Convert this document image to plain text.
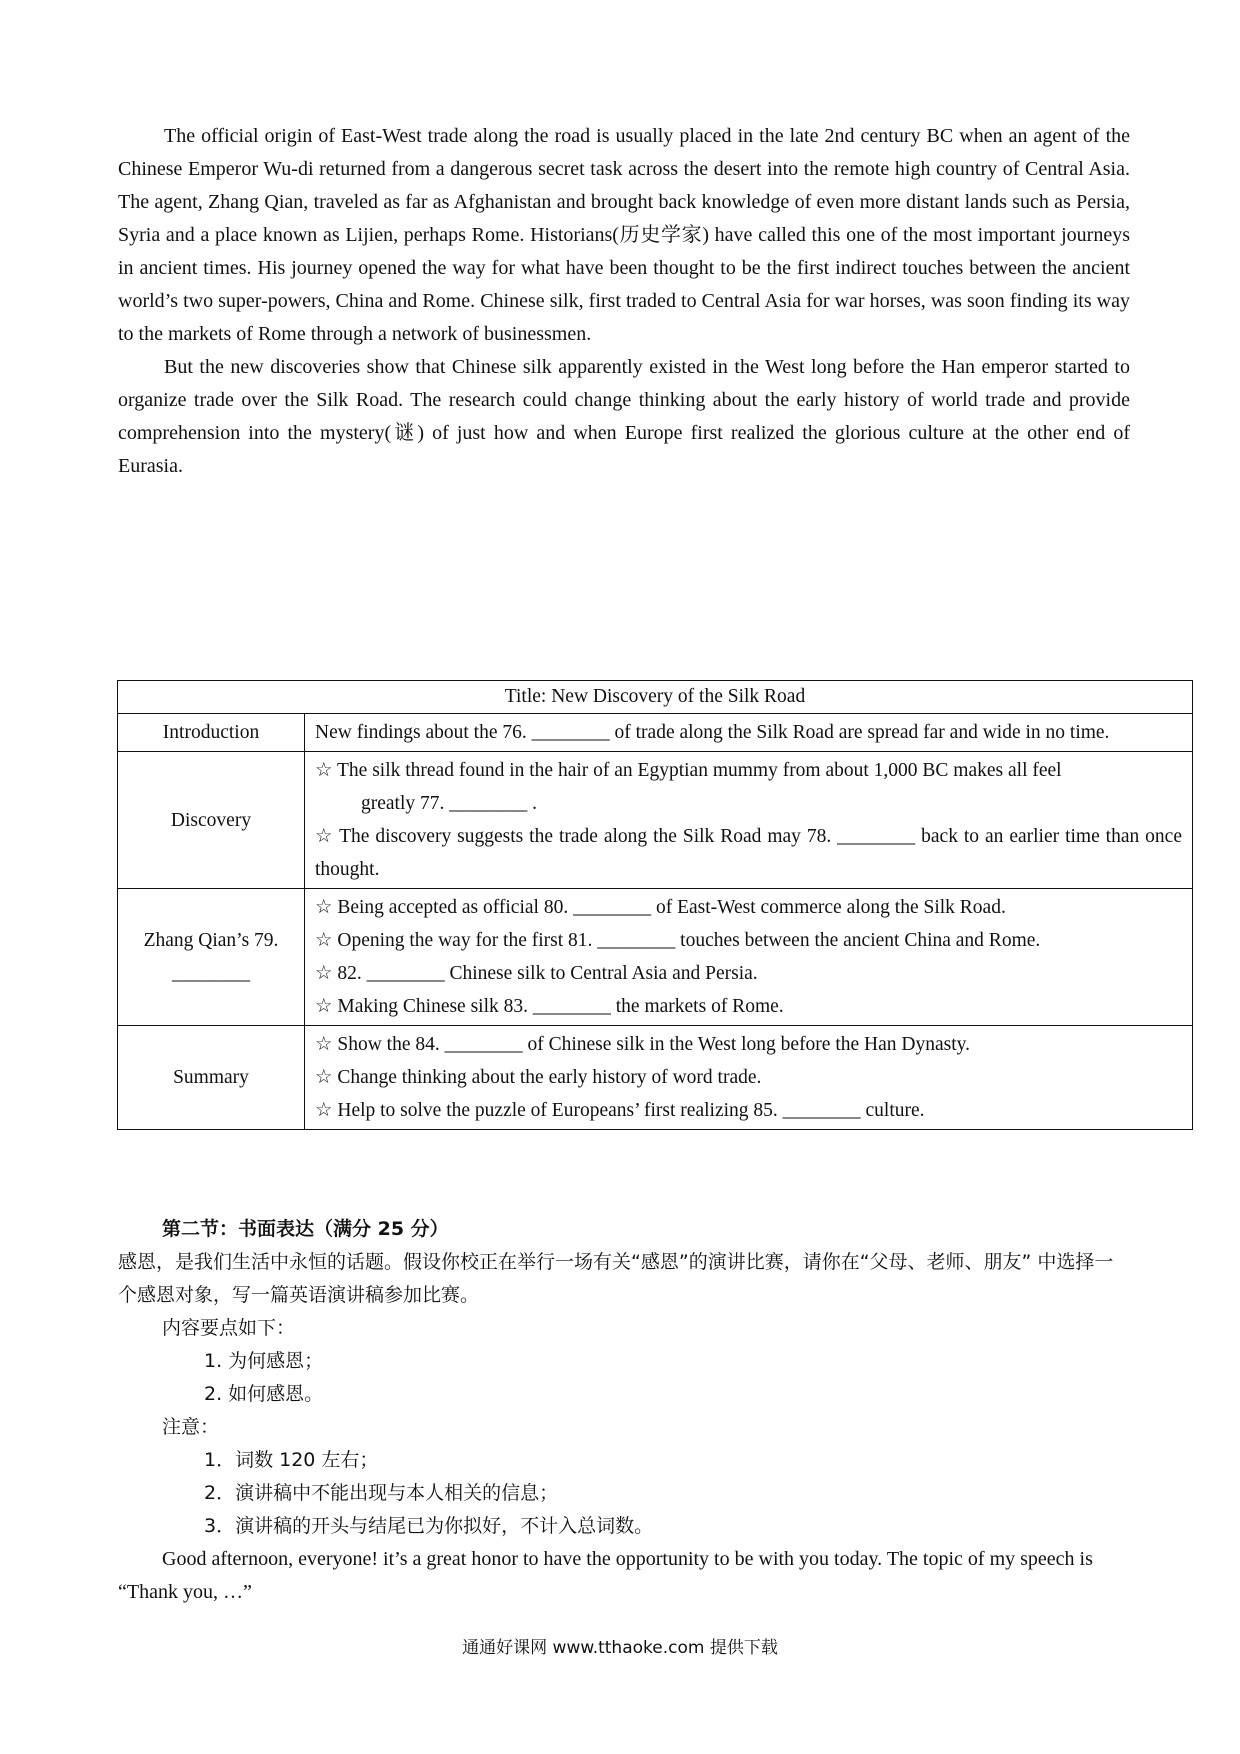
The official origin of East-West trade along the road is usually placed in the late 2nd century BC when an agent of the Chinese Emperor Wu-di returned from a dangerous secret task across the desert into the remote high country of Central Asia. The agent, Zhang Qian, traveled as far as Afghanistan and brought back knowledge of even more distant lands such as Persia, Syria and a place known as Lijien, perhaps Rome. Historians(历史学家) have called this one of the most important journeys in ancient times. His journey opened the way for what have been thought to be the first indirect touches between the ancient world’s two super-powers, China and Rome. Chinese silk, first traded to Central Asia for war horses, was soon finding its way to the markets of Rome through a network of businessmen.

But the new discoveries show that Chinese silk apparently existed in the West long before the Han emperor started to organize trade over the Silk Road. The research could change thinking about the early history of world trade and provide comprehension into the mystery(谜) of just how and when Europe first realized the glorious culture at the other end of Eurasia.

Title: New Discovery of the Silk Road	
Introduction	New findings about the 76. ________ of trade along the Silk Road are spread far and wide in no time.

Discovery	☆ The silk thread found in the hair of an Egyptian mummy from about 1,000 BC makes all feel
greatly 77. ________ .
☆ The discovery suggests the trade along the Silk Road may 78. ________ back to an earlier time than once thought.

Zhang Qian’s 79.
________	☆ Being accepted as official 80. ________ of East-West commerce along the Silk Road.
☆ Opening the way for the first 81. ________ touches between the ancient China and Rome.
☆ 82. ________ Chinese silk to Central Asia and Persia.
☆ Making Chinese silk 83. ________ the markets of Rome.

Summary	☆ Show the 84. ________ of Chinese silk in the West long before the Han Dynasty.
☆ Change thinking about the early history of word trade.
☆ Help to solve the puzzle of Europeans’ first realizing 85. ________ culture.
第二节：书面表达（满分 25 分）
感恩，是我们生活中永恒的话题。假设你校正在举行一场有关“感恩”的演讲比赛，请你在“父母、老师、朋友” 中选择一个感恩对象，写一篇英语演讲稿参加比赛。
内容要点如下：
1. 为何感恩；
2. 如何感恩。
注意：
1．词数 120 左右；
2．演讲稿中不能出现与本人相关的信息；
3．演讲稿的开头与结尾已为你拟好，不计入总词数。
Good afternoon, everyone! it’s a great honor to have the opportunity to be with you today. The topic of my speech is “Thank you, …”
通通好课网 www.tthaoke.com 提供下载
